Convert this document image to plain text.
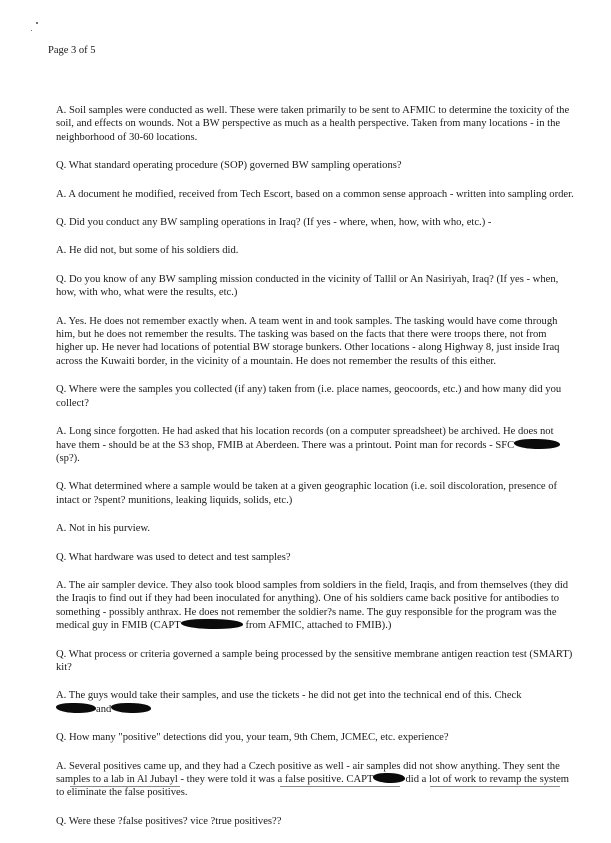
Page 3 of 5

A. Soil samples were conducted as well. These were taken primarily to be sent to AFMIC to determine the toxicity of the soil, and effects on wounds. Not a BW perspective as much as a health perspective. Taken from many locations - in the neighborhood of 30-60 locations.

Q. What standard operating procedure (SOP) governed BW sampling operations?

A. A document he modified, received from Tech Escort, based on a common sense approach - written into sampling order.

Q. Did you conduct any BW sampling operations in Iraq? (If yes - where, when, how, with who, etc.) -

A. He did not, but some of his soldiers did.

Q. Do you know of any BW sampling mission conducted in the vicinity of Tallil or An Nasiriyah, Iraq? (If yes - when, how, with who, what were the results, etc.)

A. Yes. He does not remember exactly when. A team went in and took samples. The tasking would have come through him, but he does not remember the results. The tasking was based on the facts that there were troops there, not from higher up. He never had locations of potential BW storage bunkers. Other locations - along Highway 8, just inside Iraq across the Kuwaiti border, in the vicinity of a mountain. He does not remember the results of this either.

Q. Where were the samples you collected (if any) taken from (i.e. place names, geocoords, etc.) and how many did you collect?

A. Long since forgotten. He had asked that his location records (on a computer spreadsheet) be archived. He does not have them - should be at the S3 shop, FMIB at Aberdeen. There was a printout. Point man for records - SFC(sp?).

Q. What determined where a sample would be taken at a given geographic location (i.e. soil discoloration, presence of intact or ?spent? munitions, leaking liquids, solids, etc.)

A. Not in his purview.

Q. What hardware was used to detect and test samples?

A. The air sampler device. They also took blood samples from soldiers in the field, Iraqis, and from themselves (they did the Iraqis to find out if they had been inoculated for anything). One of his soldiers came back positive for antibodies to something - possibly anthrax. He does not remember the soldier?s name. The guy responsible for the program was the medical guy in FMIB (CAPT	from AFMIC, attached to FMIB).)

Q. What process or criteria governed a sample being processed by the sensitive membrane antigen reaction test (SMART) kit?

A. The guys would take their samples, and use the tickets - he did not get into the technical end of this. Check
and

Q. How many "positive" detections did you, your team, 9th Chem, JCMEC, etc. experience?

A. Several positives came up, and they had a Czech positive as well - air samples did not show anything. They sent the samples to a lab in Al Jubayl - they were told it was a false positive. CAPT	did a lot of work to revamp the system to eliminate the false positives.

Q. Were these ?false positives? vice ?true positives??
